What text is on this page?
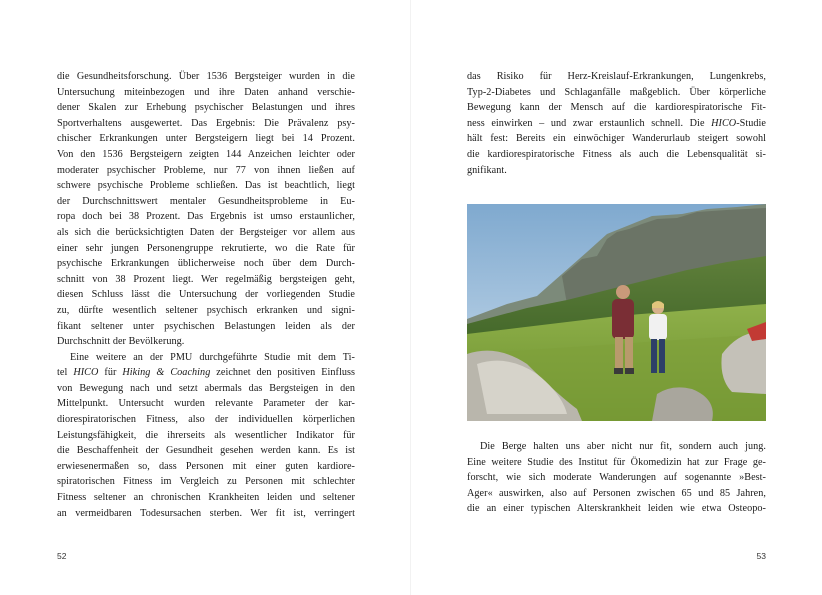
die Gesundheitsforschung. Über 1536 Bergsteiger wurden in die
Untersuchung miteinbezogen und ihre Daten anhand verschie-
dener Skalen zur Erhebung psychischer Belastungen und ihres
Sportverhaltens ausgewertet. Das Ergebnis: Die Prävalenz psy-
chischer Erkrankungen unter Bergsteigern liegt bei 14 Prozent.
Von den 1536 Bergsteigern zeigten 144 Anzeichen leichter oder
moderater psychischer Probleme, nur 77 von ihnen ließen auf
schwere psychische Probleme schließen. Das ist beachtlich, liegt
der Durchschnittswert mentaler Gesundheitsprobleme in Eu-
ropa doch bei 38 Prozent. Das Ergebnis ist umso erstaunlicher,
als sich die berücksichtigten Daten der Bergsteiger vor allem aus
einer sehr jungen Personengruppe rekrutierte, wo die Rate für
psychische Erkrankungen üblicherweise noch über dem Durch-
schnitt von 38 Prozent liegt. Wer regelmäßig bergsteigen geht,
diesen Schluss lässt die Untersuchung der vorliegenden Studie
zu, dürfte wesentlich seltener psychisch erkranken und signi-
fikant seltener unter psychischen Belastungen leiden als der
Durchschnitt der Bevölkerung.
Eine weitere an der PMU durchgeführte Studie mit dem Ti-
tel HICO für Hiking & Coaching zeichnet den positiven Einfluss
von Bewegung nach und setzt abermals das Bergsteigen in den
Mittelpunkt. Untersucht wurden relevante Parameter der kar-
diorespiratorischen Fitness, also der individuellen körperlichen
Leistungsfähigkeit, die ihrerseits als wesentlicher Indikator für
die Beschaffenheit der Gesundheit gesehen werden kann. Es ist
erwiesenermaßen so, dass Personen mit einer guten kardiore-
spiratorischen Fitness im Vergleich zu Personen mit schlechter
Fitness seltener an chronischen Krankheiten leiden und seltener
an vermeidbaren Todesursachen sterben. Wer fit ist, verringert
52
das Risiko für Herz-Kreislauf-Erkrankungen, Lungenkrebs,
Typ-2-Diabetes und Schlaganfälle maßgeblich. Über körperliche
Bewegung kann der Mensch auf die kardiorespiratorische Fit-
ness einwirken – und zwar erstaunlich schnell. Die HICO-Studie
hält fest: Bereits ein einwöchiger Wanderurlaub steigert sowohl
die kardiorespiratorische Fitness als auch die Lebensqualität si-
gnifikant.
Die Berge halten uns aber nicht nur fit, sondern auch jung.
Eine weitere Studie des Institut für Ökomedizin hat zur Frage ge-
forscht, wie sich moderate Wanderungen auf sogenannte »Best-
Ager« auswirken, also auf Personen zwischen 65 und 85 Jahren,
die an einer typischen Alterskrankheit leiden wie etwa Osteopo-
53
